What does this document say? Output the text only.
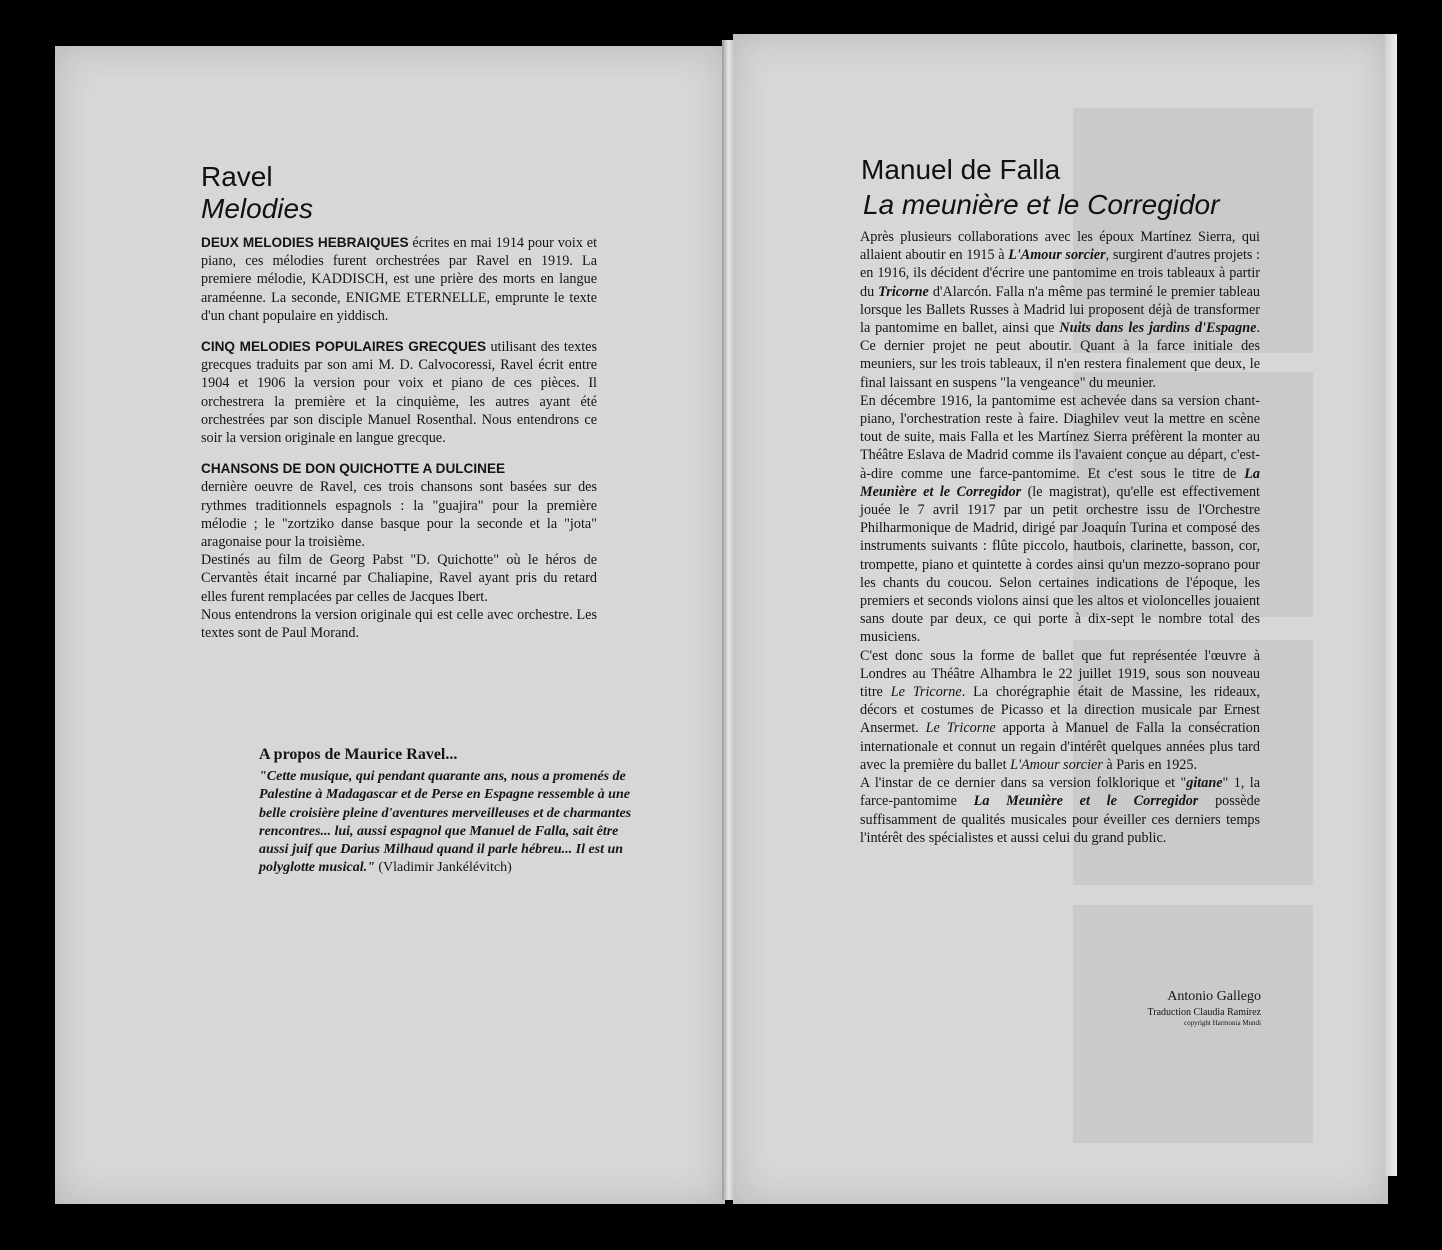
Ravel
Melodies

DEUX MELODIES HEBRAIQUES écrites en mai 1914 pour voix et piano, ces mélodies furent orchestrées par Ravel en 1919. La premiere mélodie, KADDISCH, est une prière des morts en langue araméenne. La seconde, ENIGME ETERNELLE, emprunte le texte d'un chant populaire en yiddisch.

CINQ MELODIES POPULAIRES GRECQUES utilisant des textes grecques traduits par son ami M. D. Calvocoressi, Ravel écrit entre 1904 et 1906 la version pour voix et piano de ces pièces. Il orchestrera la première et la cinquième, les autres ayant été orchestrées par son disciple Manuel Rosenthal. Nous entendrons ce soir la version originale en langue grecque.

CHANSONS DE DON QUICHOTTE A DULCINEE

dernière oeuvre de Ravel, ces trois chansons sont basées sur des rythmes traditionnels espagnols : la "guajira" pour la première mélodie ; le "zortziko danse basque pour la seconde et la "jota" aragonaise pour la troisième.

Destinés au film de Georg Pabst "D. Quichotte" où le héros de Cervantès était incarné par Chaliapine, Ravel ayant pris du retard elles furent remplacées par celles de Jacques Ibert.

Nous entendrons la version originale qui est celle avec orchestre. Les textes sont de Paul Morand.

A propos de Maurice Ravel...
"Cette musique, qui pendant quarante ans, nous a promenés de Palestine à Madagascar et de Perse en Espagne ressemble à une belle croisière pleine d'aventures merveilleuses et de charmantes rencontres... lui, aussi espagnol que Manuel de Falla, sait être aussi juif que Darius Milhaud quand il parle hébreu... Il est un polyglotte musical." (Vladimir Jankélévitch)
Manuel de Falla
La meunière et le Corregidor

Après plusieurs collaborations avec les époux Martínez Sierra, qui allaient aboutir en 1915 à L'Amour sorcier, surgirent d'autres projets : en 1916, ils décident d'écrire une pantomime en trois tableaux à partir du Tricorne d'Alarcón. Falla n'a même pas terminé le premier tableau lorsque les Ballets Russes à Madrid lui proposent déjà de transformer la pantomime en ballet, ainsi que Nuits dans les jardins d'Espagne. Ce dernier projet ne peut aboutir. Quant à la farce initiale des meuniers, sur les trois tableaux, il n'en restera finalement que deux, le final laissant en suspens "la vengeance" du meunier.

En décembre 1916, la pantomime est achevée dans sa version chant-piano, l'orchestration reste à faire. Diaghilev veut la mettre en scène tout de suite, mais Falla et les Martínez Sierra préfèrent la monter au Théâtre Eslava de Madrid comme ils l'avaient conçue au départ, c'est-à-dire comme une farce-pantomime. Et c'est sous le titre de La Meunière et le Corregidor (le magistrat), qu'elle est effectivement jouée le 7 avril 1917 par un petit orchestre issu de l'Orchestre Philharmonique de Madrid, dirigé par Joaquín Turina et composé des instruments suivants : flûte piccolo, hautbois, clarinette, basson, cor, trompette, piano et quintette à cordes ainsi qu'un mezzo-soprano pour les chants du coucou. Selon certaines indications de l'époque, les premiers et seconds violons ainsi que les altos et violoncelles jouaient sans doute par deux, ce qui porte à dix-sept le nombre total des musiciens.

C'est donc sous la forme de ballet que fut représentée l'œuvre à Londres au Théâtre Alhambra le 22 juillet 1919, sous son nouveau titre Le Tricorne. La chorégraphie était de Massine, les rideaux, décors et costumes de Picasso et la direction musicale par Ernest Ansermet. Le Tricorne apporta à Manuel de Falla la consécration internationale et connut un regain d'intérêt quelques années plus tard avec la première du ballet L'Amour sorcier à Paris en 1925.

A l'instar de ce dernier dans sa version folklorique et "gitane" 1, la farce-pantomime La Meunière et le Corregidor possède suffisamment de qualités musicales pour éveiller ces derniers temps l'intérêt des spécialistes et aussi celui du grand public.

Antonio Gallego
Traduction Claudia Ramírez
copyright Harmonia Mundi
